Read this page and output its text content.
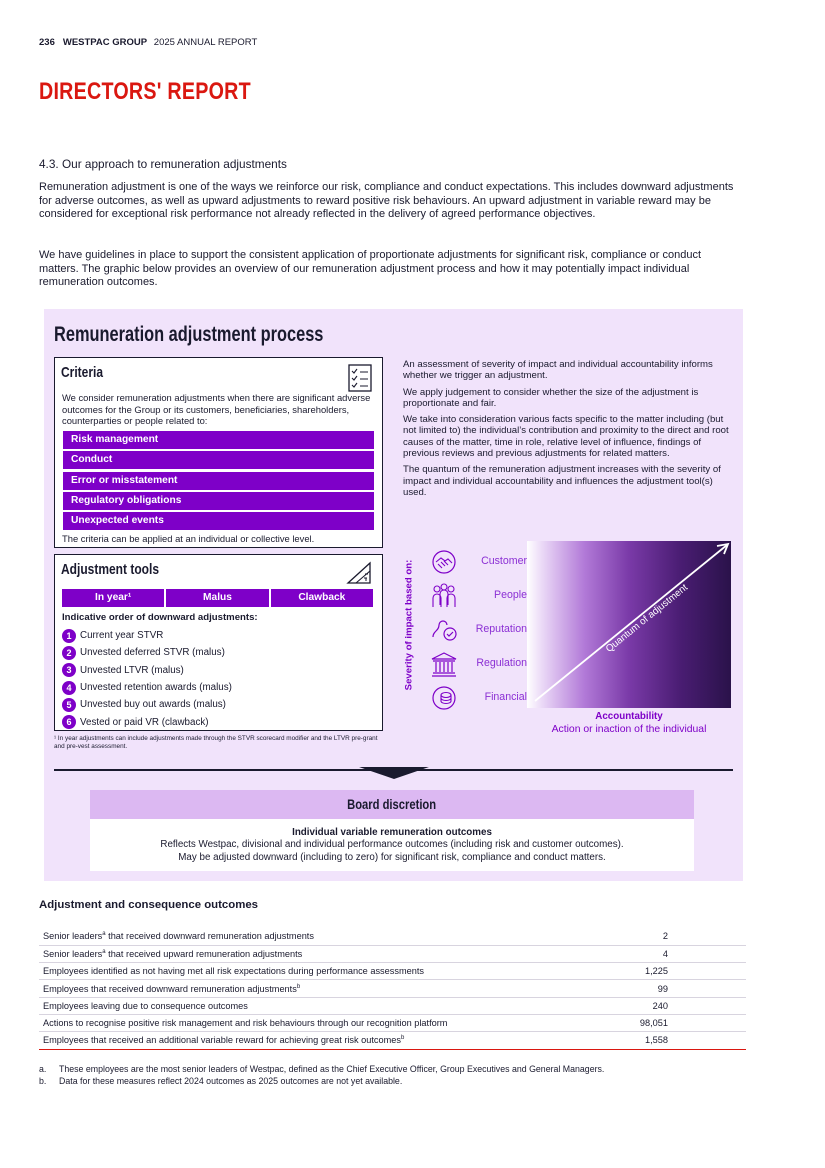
236 WESTPAC GROUP 2025 ANNUAL REPORT
DIRECTORS' REPORT
4.3. Our approach to remuneration adjustments

Remuneration adjustment is one of the ways we reinforce our risk, compliance and conduct expectations. This includes downward adjustments for adverse outcomes, as well as upward adjustments to reward positive risk behaviours. An upward adjustment in variable reward may be considered for exceptional risk performance not already reflected in the delivery of agreed performance objectives.

We have guidelines in place to support the consistent application of proportionate adjustments for significant risk, compliance or conduct matters. The graphic below provides an overview of our remuneration adjustment process and how it may potentially impact individual remuneration outcomes.

Remuneration adjustment process
Criteria
We consider remuneration adjustments when there are significant adverse outcomes for the Group or its customers, beneficiaries, shareholders, counterparties or people related to:
Risk management
Conduct
Error or misstatement
Regulatory obligations
Unexpected events
The criteria can be applied at an individual or collective level.
Adjustment tools
In year¹	Malus	Clawback
Indicative order of downward adjustments:
1 Current year STVR
2 Unvested deferred STVR (malus)
3 Unvested LTVR (malus)
4 Unvested retention awards (malus)
5 Unvested buy out awards (malus)
6 Vested or paid VR (clawback)
¹ In year adjustments can include adjustments made through the STVR scorecard modifier and the LTVR pre-grant and pre-vest assessment.

An assessment of severity of impact and individual accountability informs whether we trigger an adjustment.

We apply judgement to consider whether the size of the adjustment is proportionate and fair.

We take into consideration various facts specific to the matter including (but not limited to) the individual’s contribution and proximity to the direct and root causes of the matter, time in role, relative level of influence, findings of previous reviews and previous adjustments for related matters.

The quantum of the remuneration adjustment increases with the severity of impact and individual accountability and influences the adjustment tool(s) used.

Severity of impact based on:	Customer
People
Reputation
Regulation
Financial
Quantum of adjustment
Accountability
Action or inaction of the individual
Board discretion
Individual variable remuneration outcomes
Reflects Westpac, divisional and individual performance outcomes (including risk and customer outcomes).
May be adjusted downward (including to zero) for significant risk, compliance and conduct matters.
Adjustment and consequence outcomes
Senior leaders$^a$ that received downward remuneration adjustments	2
Senior leaders$^a$ that received upward remuneration adjustments	4
Employees identified as not having met all risk expectations during performance assessments	1,225
Employees that received downward remuneration adjustments$^b$	99
Employees leaving due to consequence outcomes	240
Actions to recognise positive risk management and risk behaviours through our recognition platform	98,051
Employees that received an additional variable reward for achieving great risk outcomes$^b$	1,558
a. These employees are the most senior leaders of Westpac, defined as the Chief Executive Officer, Group Executives and General Managers.
b. Data for these measures reflect 2024 outcomes as 2025 outcomes are not yet available.
